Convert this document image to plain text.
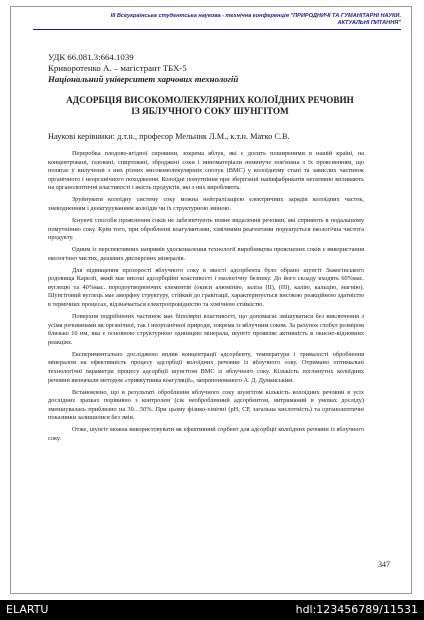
III Всеукраїнська студентська наукова - технічна конференція "ПРИРОДНИЧІ ТА ГУМАНІТАРНІ НАУКИ.
АКТУАЛЬНІ ПИТАННЯ"
УДК 66.081.3:664.1039
Криворотенко А. – магістрант ТБХ-5
Національний університет харчових технологій
АДСОРБЦІЯ ВИСОКОМОЛЕКУЛЯРНИХ КОЛОЇДНИХ РЕЧОВИН
ІЗ ЯБЛУЧНОГО СОКУ ШУНГІТОМ
Наукові керівники: д.т.н., професор Мельник Л.М., к.т.н. Матко С.В.

Переробка плодово-ягідної сировини, зокрема яблук, які є досить поширеними в нашій країні, на концентровані, газовані, спиртовані, зброджені соки і виноматеріали неминуче пов'язана з їх проясненням, що полягає у вилученні з них різних високомолекулярних сполук (ВМС) у колоїдному стані та завислих частинок органічного і неорганічного походження. Колоїдні помутніння при зберіганні напівфабрикатів негативно впливають на органолептичні властивості і якість продуктів, які з них виробляють.

Зруйнувати колоїдну систему соку можна нейтралізацією електричних зарядів колоїдних часток, зневодненням і денатуруванням колоїдів чи їх структурною зміною.

Існуючі способи прояснення соків не забезпечують повне видалення речовин, які сприяють в подальшому помутнінню соку. Крім того, при обробленні коагулянтами, хімічними реагентами порушується екологічна чистота продукту.

Одним із перспективних напрямів удосконалення технології виробництва прояснених соків є використання екологічно чистих, дешевих дисперсних мінералів.

Для підвищення прозорості яблучного соку в якості адсорбента було обрано шунгіт Зажогінського родовища Карелії, який має високі адсорбційні властивості і екологічну безпеку. До його складу входять 60%мас. вуглецю та 40%мас. породоутворюючих елементів (окиси алюмінію, заліза (II), (III), калію, кальцію, магнію). Шунгітовий вуглець має аморфну структуру, стійкий до гравітації, характеризується високою реакційною здатністю в термічних процесах, відзначається електропровідністю та хімічною стійкістю.

Поверхня подрібнених частинок має біполярні властивості, що допомагає змішуватися без виключення з усіма речовинами як органічної, так і неорганічної природи, зокрема із яблучним соком. За рахунок глобул розміром близько 10 нм, яка є основною структурною одиницею мінерала, шунгіт проявляє активність в окисно-відновних реакціях.

Експериментально досліджено вплив концентрації адсорбенту, температури і тривалості оброблення мінералом на ефективність процесу адсорбції колоїдних речовин із яблучного соку. Отримано оптимальні технологічні параметри процесу адсорбції шунгітом ВМС із яблучного соку. Кількість поглинутих колоїдних речовин визначали методом «тривкутника коагуляції», запропонованого А. Д. Думанським.

Встановлено, що в результаті оброблення яблучного соку шунгітом кількість колоїдних речовин в усіх дослідних зразках порівняно з контролем (сік необробленний адсорбентом, витриманий в умовах досліду) зменшувалась приблизно на 30…50%. При цьому фізико-хімічні (рН, СР, загальна кислотність) та органолептичні показники залишилися без змін.

Отже, шунгіт можна використовувати як ефективний сорбент для адсорбції колоїдних речовин із яблучного соку.

347
ELARTU	hdl:123456789/11531
